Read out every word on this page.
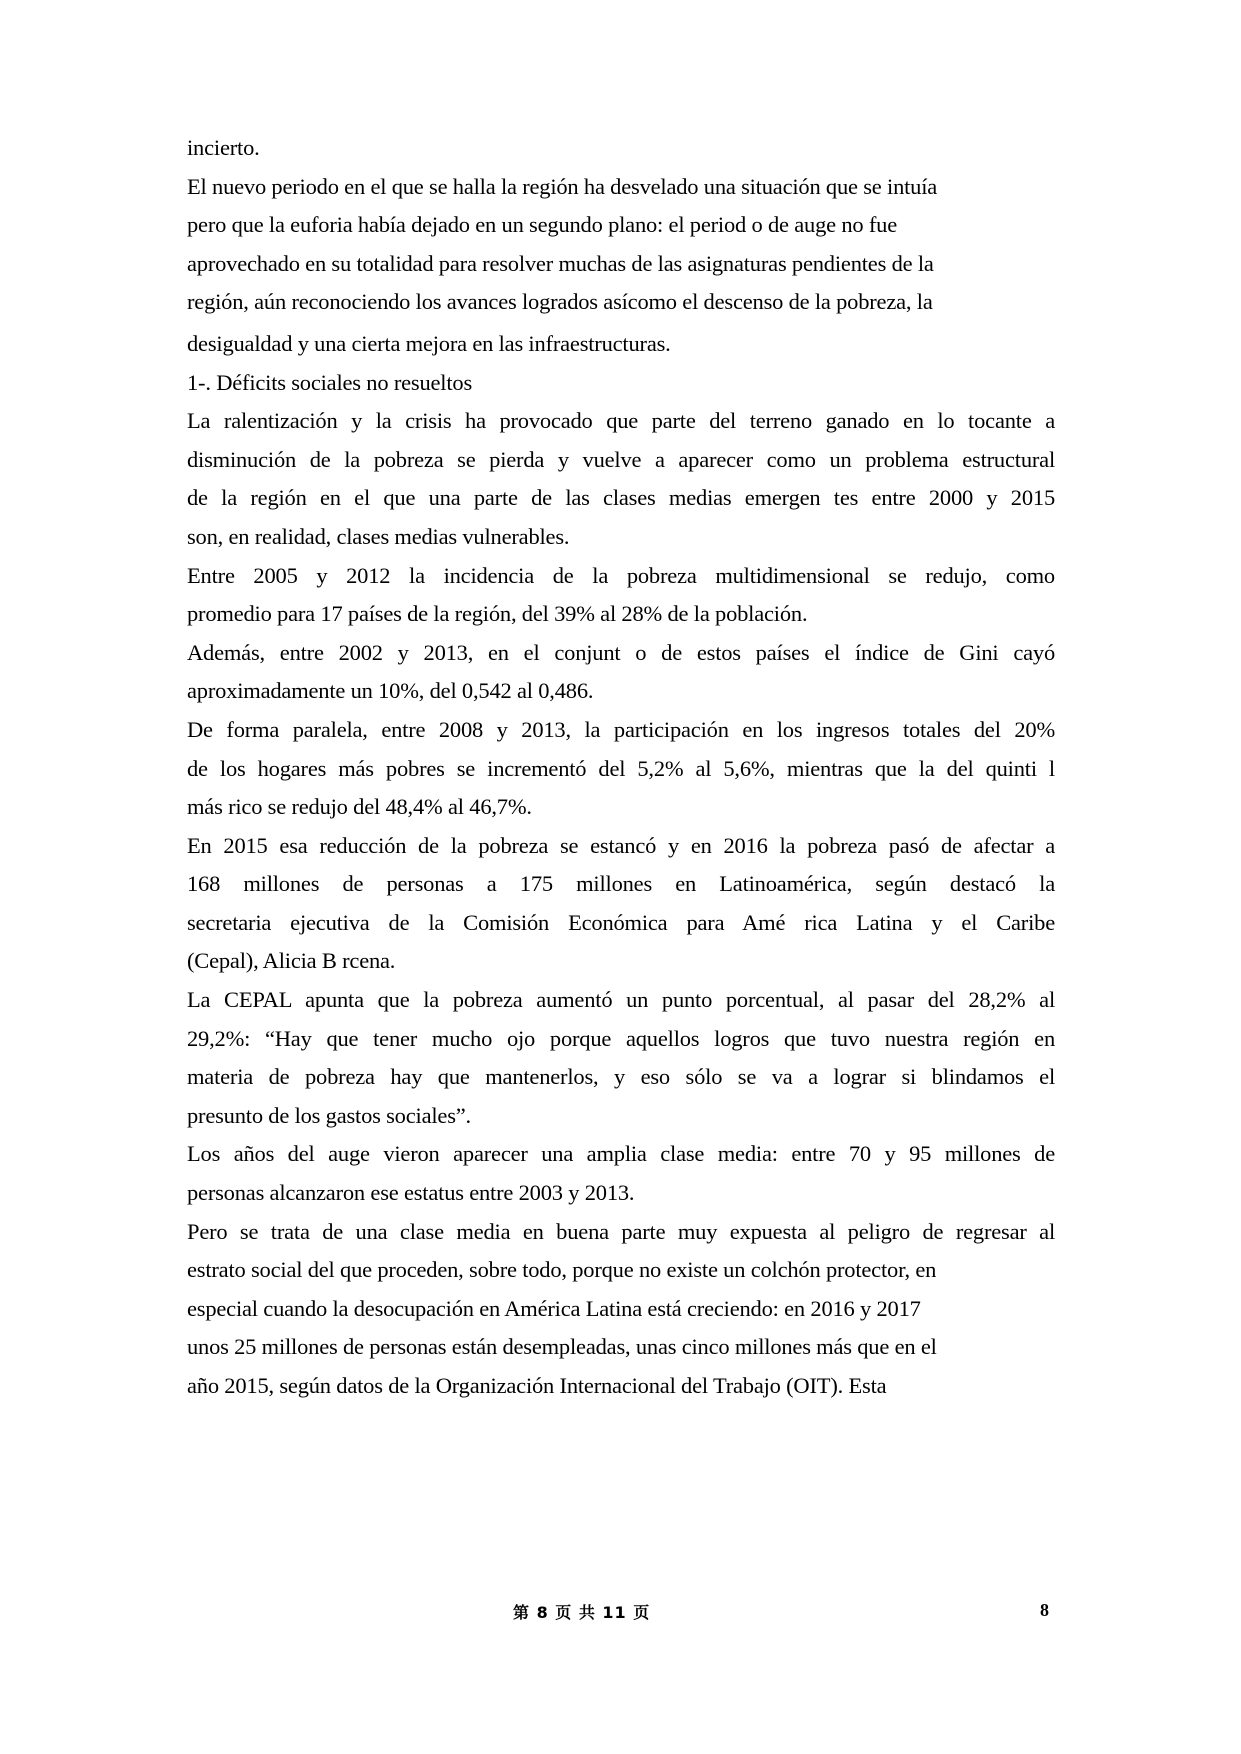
incierto.
El nuevo periodo en el que se halla la región ha desvelado una situación que se intuía
pero que la euforia había dejado en un segundo plano: el period o de auge no fue
aprovechado en su totalidad para resolver muchas de las asignaturas pendientes de la
región, aún reconociendo los avances logrados asícomo el descenso de la pobreza, la
desigualdad y una cierta mejora en las infraestructuras.
1-. Déficits sociales no resueltos
La ralentización y la crisis ha provocado que parte del terreno ganado en lo tocante a
disminución de la pobreza se pierda y vuelve a aparecer como un problema estructural
de la región en el que una parte de las clases medias emergen tes entre 2000 y 2015
son, en realidad, clases medias vulnerables.
Entre 2005 y 2012 la incidencia de la pobreza multidimensional se redujo, como
promedio para 17 países de la región, del 39% al 28% de la población.
Además, entre 2002 y 2013, en el conjunt o de estos países el índice de Gini cayó
aproximadamente un 10%, del 0,542 al 0,486.
De forma paralela, entre 2008 y 2013, la participación en los ingresos totales del 20%
de los hogares más pobres se incrementó del 5,2% al 5,6%, mientras que la del quinti l
más rico se redujo del 48,4% al 46,7%.
En 2015 esa reducción de la pobreza se estancó y en 2016 la pobreza pasó de afectar a
168 millones de personas a 175 millones en Latinoamérica, según destacó la
secretaria ejecutiva de la Comisión Económica para Amé rica Latina y el Caribe
(Cepal), Alicia B rcena.
La CEPAL apunta que la pobreza aumentó un punto porcentual, al pasar del 28,2% al
29,2%: “Hay que tener mucho ojo porque aquellos logros que tuvo nuestra región en
materia de pobreza hay que mantenerlos, y eso sólo se va a lograr si blindamos el
presunto de los gastos sociales”.
Los años del auge vieron aparecer una amplia clase media: entre 70 y 95 millones de
personas alcanzaron ese estatus entre 2003 y 2013.
Pero se trata de una clase media en buena parte muy expuesta al peligro de regresar al
estrato social del que proceden, sobre todo, porque no existe un colchón protector, en
especial cuando la desocupación en América Latina está creciendo: en 2016 y 2017
unos 25 millones de personas están desempleadas, unas cinco millones más que en el
año 2015, según datos de la Organización Internacional del Trabajo (OIT). Esta
第 8 页 共 11 页	8
